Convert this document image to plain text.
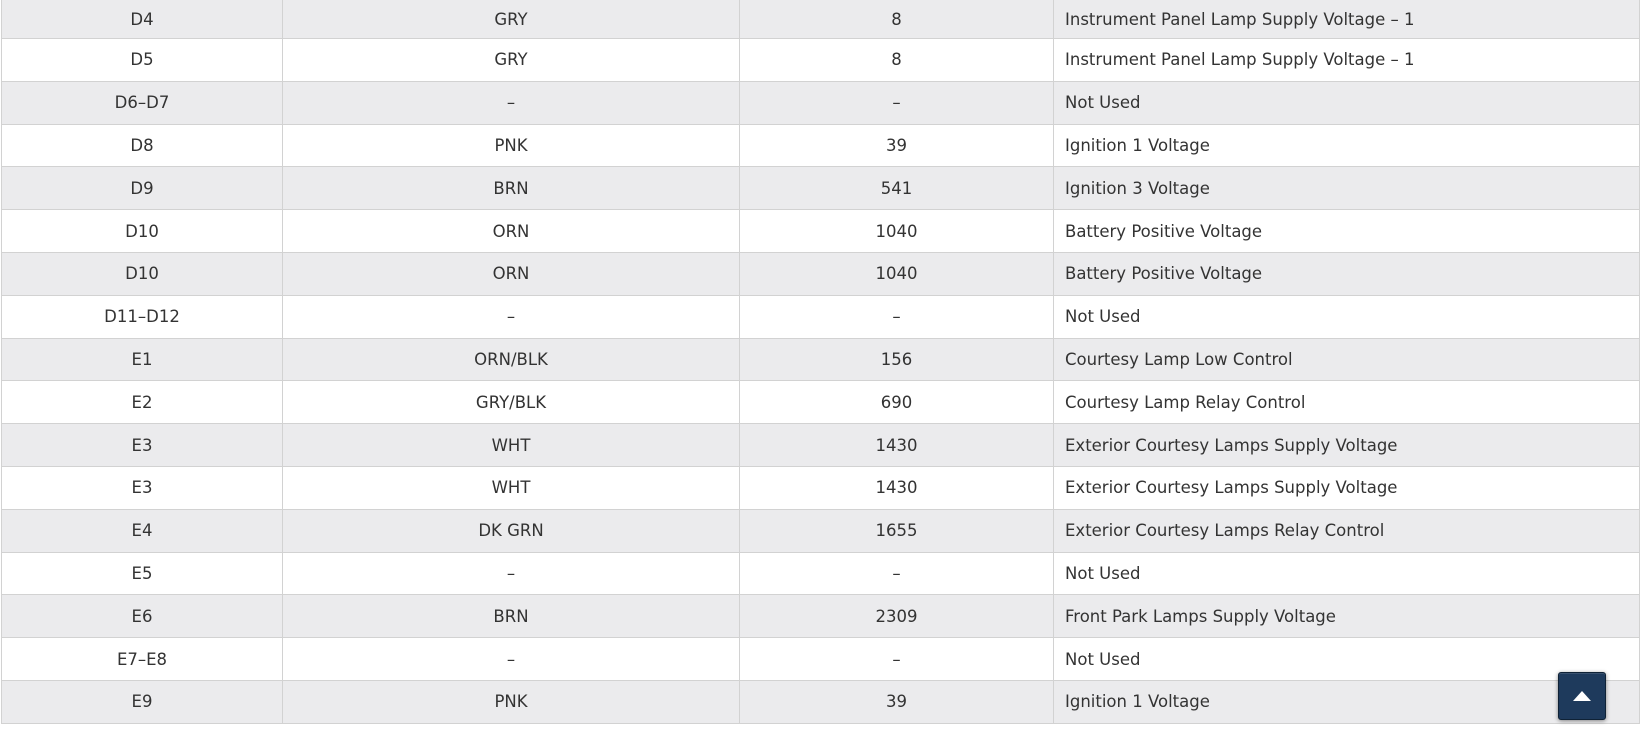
D4	GRY	8	Instrument Panel Lamp Supply Voltage – 1
D5	GRY	8	Instrument Panel Lamp Supply Voltage – 1
D6–D7	–	–	Not Used
D8	PNK	39	Ignition 1 Voltage
D9	BRN	541	Ignition 3 Voltage
D10	ORN	1040	Battery Positive Voltage
D10	ORN	1040	Battery Positive Voltage
D11–D12	–	–	Not Used
E1	ORN/BLK	156	Courtesy Lamp Low Control
E2	GRY/BLK	690	Courtesy Lamp Relay Control
E3	WHT	1430	Exterior Courtesy Lamps Supply Voltage
E3	WHT	1430	Exterior Courtesy Lamps Supply Voltage
E4	DK GRN	1655	Exterior Courtesy Lamps Relay Control
E5	–	–	Not Used
E6	BRN	2309	Front Park Lamps Supply Voltage
E7–E8	–	–	Not Used
E9	PNK	39	Ignition 1 Voltage
